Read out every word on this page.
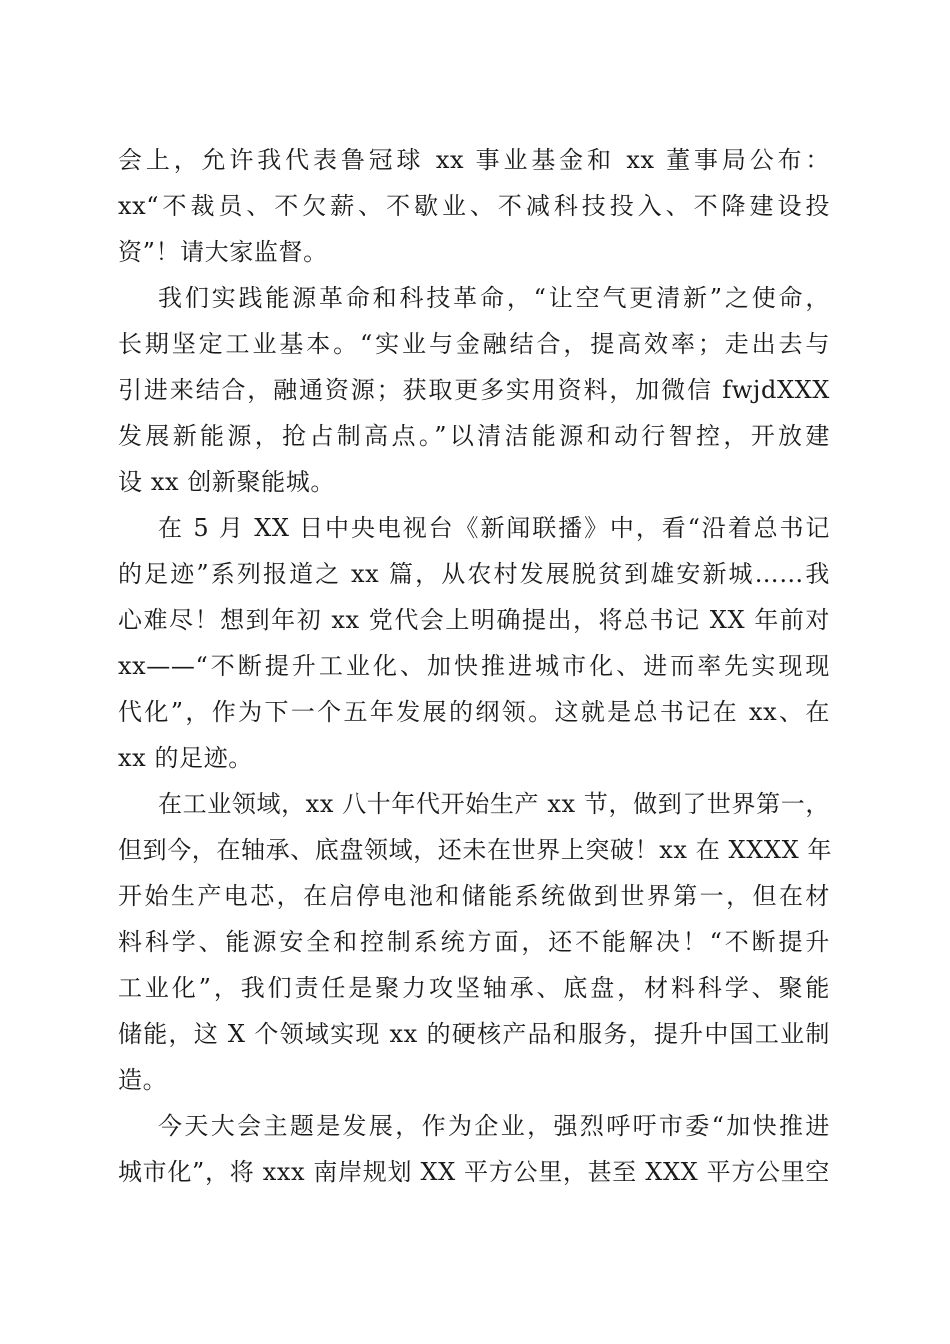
会上，允许我代表鲁冠球 xx 事业基金和 xx 董事局公布：
xx“不裁员、不欠薪、不歇业、不减科技投入、不降建设投
资”！请大家监督。
我们实践能源革命和科技革命，“让空气更清新”之使命，
长期坚定工业基本。“实业与金融结合，提高效率；走出去与
引进来结合，融通资源；获取更多实用资料，加微信 fwjdXXX
发展新能源，抢占制高点。”以清洁能源和动行智控，开放建
设 xx 创新聚能城。
在 5 月 XX 日中央电视台《新闻联播》中，看“沿着总书记
的足迹”系列报道之 xx 篇，从农村发展脱贫到雄安新城……我
心难尽！想到年初 xx 党代会上明确提出，将总书记 XX 年前对
xx——“不断提升工业化、加快推进城市化、进而率先实现现
代化”，作为下一个五年发展的纲领。这就是总书记在 xx、在
xx 的足迹。
在工业领域，xx 八十年代开始生产 xx 节，做到了世界第一，
但到今，在轴承、底盘领域，还未在世界上突破！xx 在 XXXX 年
开始生产电芯，在启停电池和储能系统做到世界第一，但在材
料科学、能源安全和控制系统方面，还不能解决！“不断提升
工业化”，我们责任是聚力攻坚轴承、底盘，材料科学、聚能
储能，这 X 个领域实现 xx 的硬核产品和服务，提升中国工业制
造。
今天大会主题是发展，作为企业，强烈呼吁市委“加快推进
城市化”，将 xxx 南岸规划 XX 平方公里，甚至 XXX 平方公里空
